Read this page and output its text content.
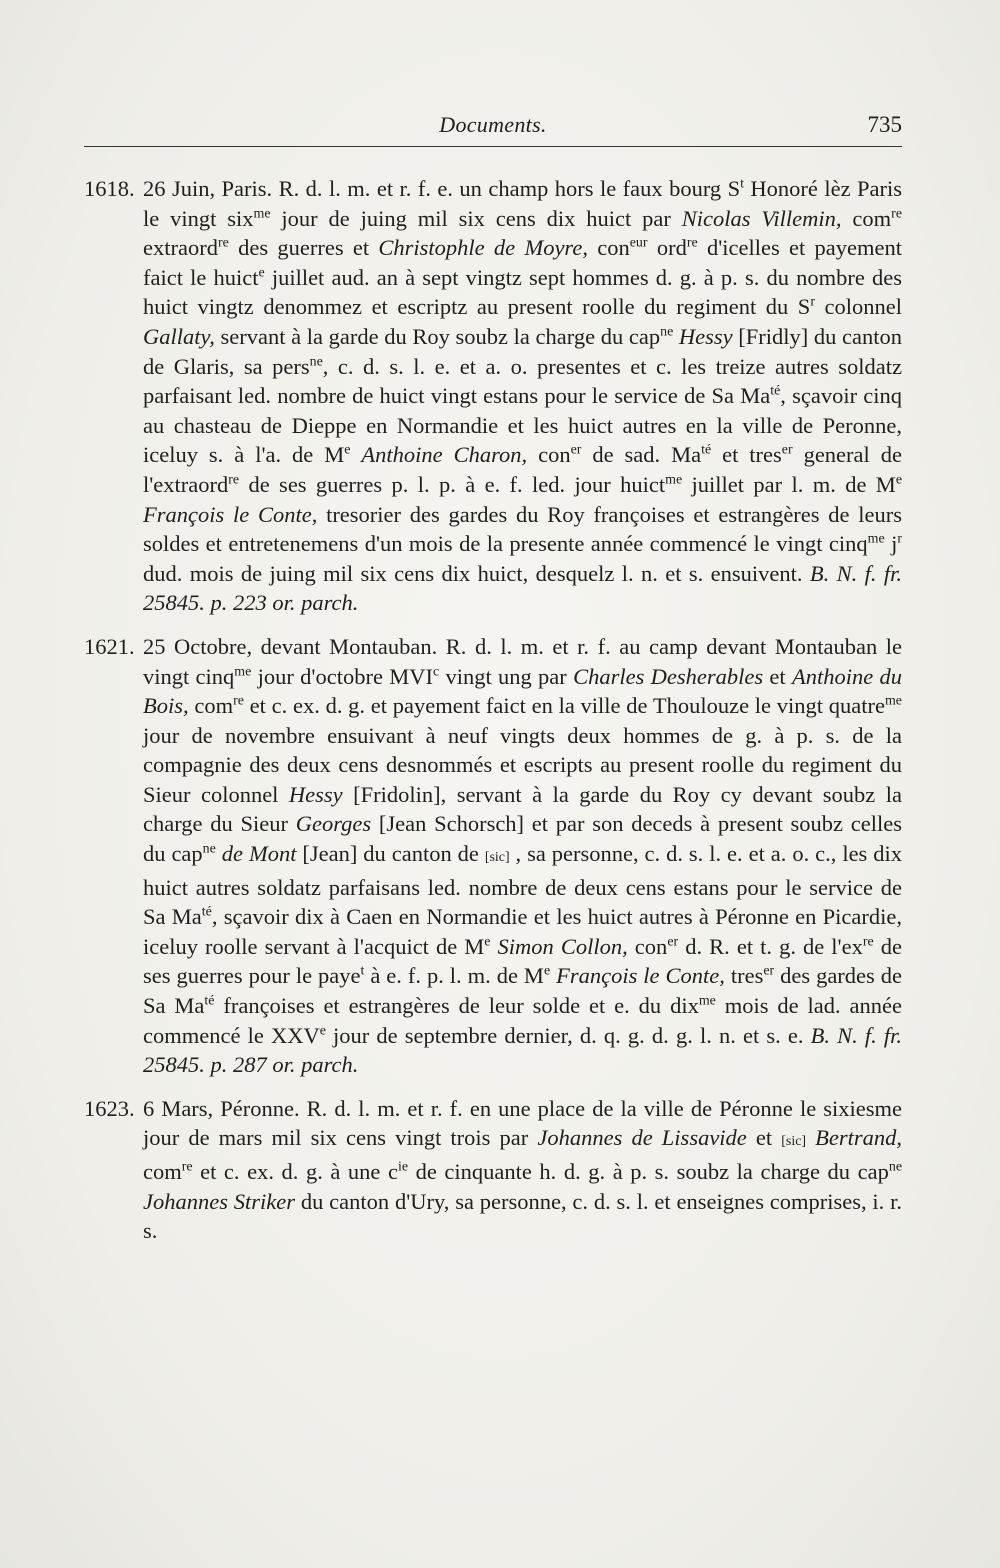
Documents.	735
1618. 26 Juin, Paris. R. d. l. m. et r. f. e. un champ hors le faux bourg $S^t$ Honoré lèz Paris le vingt six$^{me}$ jour de juing mil six cens dix huict par Nicolas Villemin, com$^{re}$ extraord$^{re}$ des guerres et Christophle de Moyre, con$^{eur}$ ord$^{re}$ d'icelles et payement faict le huict$^e$ juillet aud. an à sept vingtz sept hommes d. g. à p. s. du nombre des huict vingtz denommez et escriptz au present roolle du regiment du $S^r$ colonnel Gallaty, servant à la garde du Roy soubz la charge du cap$^{ne}$ Hessy [Fridly] du canton de Glaris, sa pers$^{ne}$, c. d. s. l. e. et a. o. presentes et c. les treize autres soldatz parfaisant led. nombre de huict vingt estans pour le service de Sa $Ma^{té}$, sçavoir cinq au chasteau de Dieppe en Normandie et les huict autres en la ville de Peronne, iceluy s. à l'a. de Me Anthoine Charon, con$^{er}$ de sad. $Ma^{té}$ et tres$^{er}$ general de l'extraord$^{re}$ de ses guerres p. l. p. à e. f. led. jour huict$^{me}$ juillet par l. m. de Me François le Conte, tresorier des gardes du Roy françoises et estrangères de leurs soldes et entretenemens d'un mois de la presente année commencé le vingt cinq$^{me}$ $j^r$ dud. mois de juing mil six cens dix huict, desquelz l. n. et s. ensuivent. B. N. f. fr. 25845. p. 223 or. parch.

1621. 25 Octobre, devant Montauban. R. d. l. m. et r. f. au camp devant Montauban le vingt cinq$^{me}$ jour d'octobre MVI$^c$ vingt ung par Charles Desherables et Anthoine du Bois, com$^{re}$ et c. ex. d. g. et payement faict en la ville de Thoulouze le vingt quatre$^{me}$ jour de novembre ensuivant à neuf vingts deux hommes de g. à p. s. de la compagnie des deux cens desnommés et escripts au present roolle du regiment du Sieur colonnel Hessy [Fridolin], servant à la garde du Roy cy devant soubz la charge du Sieur Georges [Jean Schorsch] et par son deceds à present soubz celles du cap$^{ne}$ de Mont [Jean] du canton de [sic] , sa personne, c. d. s. l. e. et a. o. c., les dix huict autres soldatz parfaisans led. nombre de deux cens estans pour le service de Sa $Ma^{té}$, sçavoir dix à Caen en Normandie et les huict autres à Péronne en Picardie, iceluy roolle servant à l'acquict de Me Simon Collon, con$^{er}$ d. R. et t. g. de $l'ex^{re}$ de ses guerres pour le paye$^t$ à e. f. p. l. m. de Me François le Conte, tres$^{er}$ des gardes de Sa $Ma^{té}$ françoises et estrangères de leur solde et e. du dix$^{me}$ mois de lad. année commencé le XXVe jour de septembre dernier, d. q. g. d. g. l. n. et s. e. B. N. f. fr. 25845. p. 287 or. parch.

1623. 6 Mars, Péronne. R. d. l. m. et r. f. en une place de la ville de Péronne le sixiesme jour de mars mil six cens vingt trois par Johannes de Lissavide et [sic] Bertrand, com$^{re}$ et c. ex. d. g. à une $c^{ie}$ de cinquante h. d. g. à p. s. soubz la charge du cap$^{ne}$ Johannes Striker du canton d'Ury, sa personne, c. d. s. l. et enseignes comprises, i. r. s.
